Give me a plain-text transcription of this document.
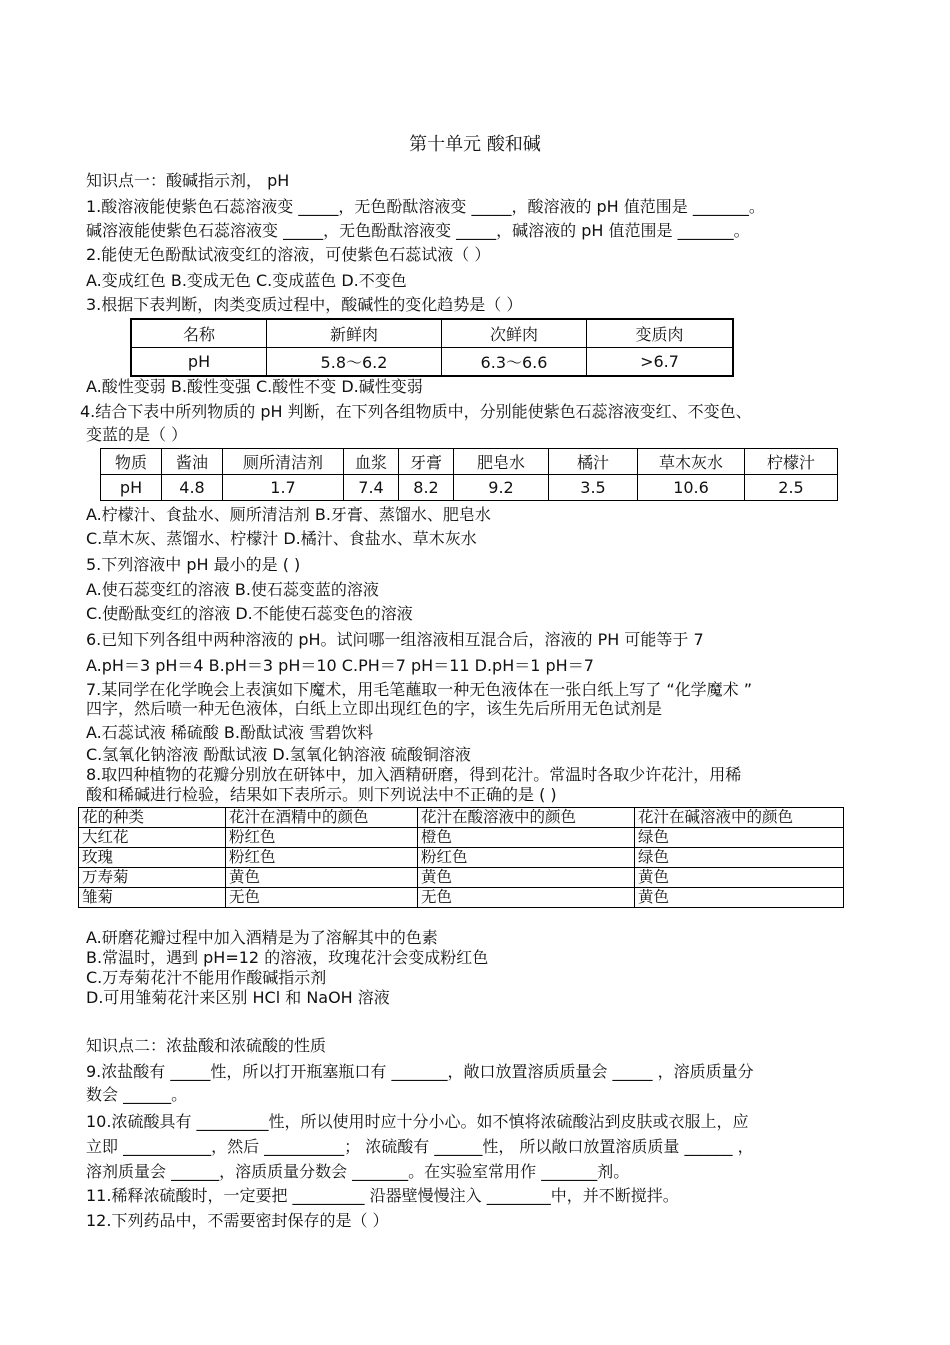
第十单元 酸和碱
知识点一：酸碱指示剂， pH
1.酸溶液能使紫色石蕊溶液变 _____，无色酚酞溶液变 _____，酸溶液的 pH 值范围是 _______。
碱溶液能使紫色石蕊溶液变 _____，无色酚酞溶液变 _____，碱溶液的 pH 值范围是 _______。
2.能使无色酚酞试液变红的溶液，可使紫色石蕊试液（ ）
A.变成红色 B.变成无色 C.变成蓝色 D.不变色
3.根据下表判断，肉类变质过程中，酸碱性的变化趋势是（ ）
名称	新鲜肉	次鲜肉	变质肉
pH	5.8～6.2	6.3～6.6	>6.7
A.酸性变弱 B.酸性变强 C.酸性不变 D.碱性变弱
4.结合下表中所列物质的 pH 判断，在下列各组物质中，分别能使紫色石蕊溶液变红、不变色、
变蓝的是（ ）
物质	酱油	厕所清洁剂	血浆	牙膏	肥皂水	橘汁	草木灰水	柠檬汁
pH	4.8	1.7	7.4	8.2	9.2	3.5	10.6	2.5
A.柠檬汁、食盐水、厕所清洁剂 B.牙膏、蒸馏水、肥皂水
C.草木灰、蒸馏水、柠檬汁 D.橘汁、食盐水、草木灰水
5.下列溶液中 pH 最小的是 ( )
A.使石蕊变红的溶液 B.使石蕊变蓝的溶液
C.使酚酞变红的溶液 D.不能使石蕊变色的溶液
6.已知下列各组中两种溶液的 pH。试问哪一组溶液相互混合后，溶液的 PH 可能等于 7
A.pH＝3 pH＝4 B.pH＝3 pH＝10 C.PH＝7 pH＝11 D.pH＝1 pH＝7
7.某同学在化学晚会上表演如下魔术，用毛笔蘸取一种无色液体在一张白纸上写了 “化学魔术 ”
四字，然后喷一种无色液体，白纸上立即出现红色的字，该生先后所用无色试剂是
A.石蕊试液 稀硫酸 B.酚酞试液 雪碧饮料
C.氢氧化钠溶液 酚酞试液 D.氢氧化钠溶液 硫酸铜溶液
8.取四种植物的花瓣分别放在研钵中，加入酒精研磨，得到花汁。常温时各取少许花汁，用稀
酸和稀碱进行检验，结果如下表所示。则下列说法中不正确的是 ( )
花的种类	花汁在酒精中的颜色	花汁在酸溶液中的颜色	花汁在碱溶液中的颜色
大红花	粉红色	橙色	绿色
玫瑰	粉红色	粉红色	绿色
万寿菊	黄色	黄色	黄色
雏菊	无色	无色	黄色
A.研磨花瓣过程中加入酒精是为了溶解其中的色素
B.常温时，遇到 pH=12 的溶液，玫瑰花汁会变成粉红色
C.万寿菊花汁不能用作酸碱指示剂
D.可用雏菊花汁来区别 HCl 和 NaOH 溶液
知识点二：浓盐酸和浓硫酸的性质
9.浓盐酸有 _____性，所以打开瓶塞瓶口有 _______，敞口放置溶质质量会 _____ ，溶质质量分
数会 ______。
10.浓硫酸具有 _________性，所以使用时应十分小心。如不慎将浓硫酸沾到皮肤或衣服上，应
立即 ___________，然后 __________； 浓硫酸有 ______性， 所以敞口放置溶质质量 ______ ，
溶剂质量会 ______，溶质质量分数会 _______。在实验室常用作 _______剂。
11.稀释浓硫酸时，一定要把 _________ 沿器壁慢慢注入 ________中，并不断搅拌。
12.下列药品中，不需要密封保存的是（ ）
